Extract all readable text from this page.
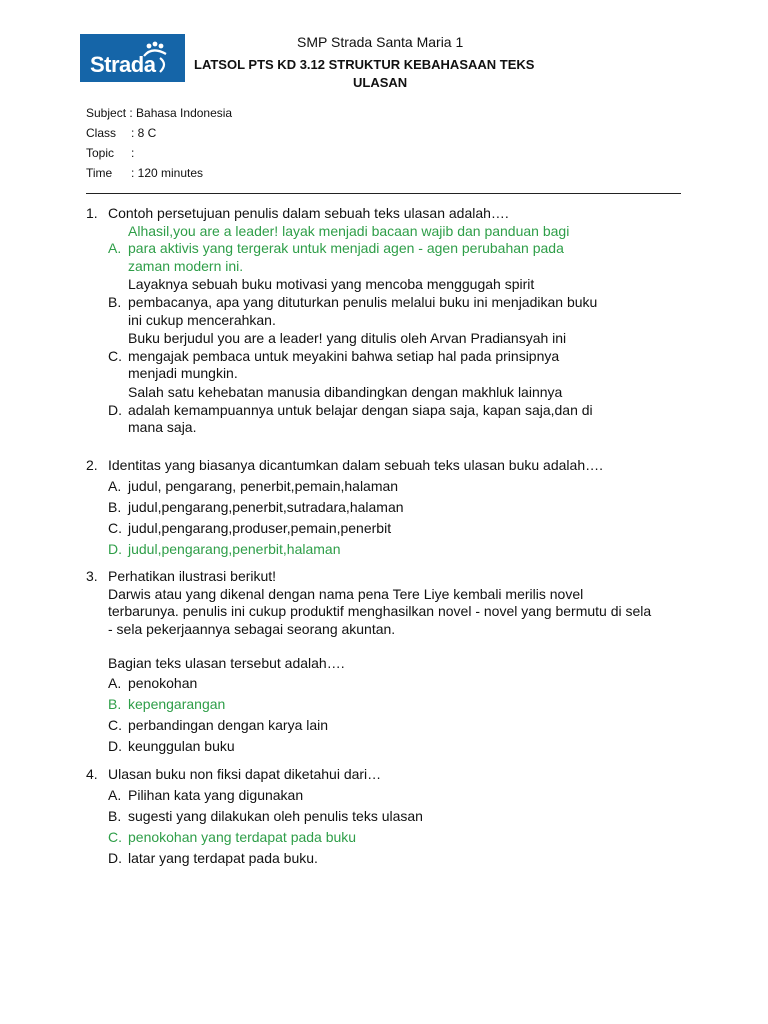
Strada
SMP Strada Santa Maria 1
LATSOL PTS KD 3.12 STRUKTUR KEBAHASAAN TEKS
ULASAN
Subject : Bahasa Indonesia
Class	: 8 C
Topic	:
Time	: 120 minutes
1. Contoh persetujuan penulis dalam sebuah teks ulasan adalah….
A.
Alhasil,you are a leader! layak menjadi bacaan wajib dan panduan bagi
para aktivis yang tergerak untuk menjadi agen - agen perubahan pada
zaman modern ini.
B.
Layaknya sebuah buku motivasi yang mencoba menggugah spirit
pembacanya, apa yang dituturkan penulis melalui buku ini menjadikan buku
ini cukup mencerahkan.
C.
Buku berjudul you are a leader! yang ditulis oleh Arvan Pradiansyah ini
mengajak pembaca untuk meyakini bahwa setiap hal pada prinsipnya
menjadi mungkin.
D.
Salah satu kehebatan manusia dibandingkan dengan makhluk lainnya
adalah kemampuannya untuk belajar dengan siapa saja, kapan saja,dan di
mana saja.
2. Identitas yang biasanya dicantumkan dalam sebuah teks ulasan buku adalah….
A. judul, pengarang, penerbit,pemain,halaman
B. judul,pengarang,penerbit,sutradara,halaman
C. judul,pengarang,produser,pemain,penerbit
D. judul,pengarang,penerbit,halaman
3. Perhatikan ilustrasi berikut!
Darwis atau yang dikenal dengan nama pena Tere Liye kembali merilis novel
terbarunya. penulis ini cukup produktif menghasilkan novel - novel yang bermutu di sela
- sela pekerjaannya sebagai seorang akuntan.
Bagian teks ulasan tersebut adalah….
A. penokohan
B. kepengarangan
C. perbandingan dengan karya lain
D. keunggulan buku
4. Ulasan buku non fiksi dapat diketahui dari…
A. Pilihan kata yang digunakan
B. sugesti yang dilakukan oleh penulis teks ulasan
C. penokohan yang terdapat pada buku
D. latar yang terdapat pada buku.
